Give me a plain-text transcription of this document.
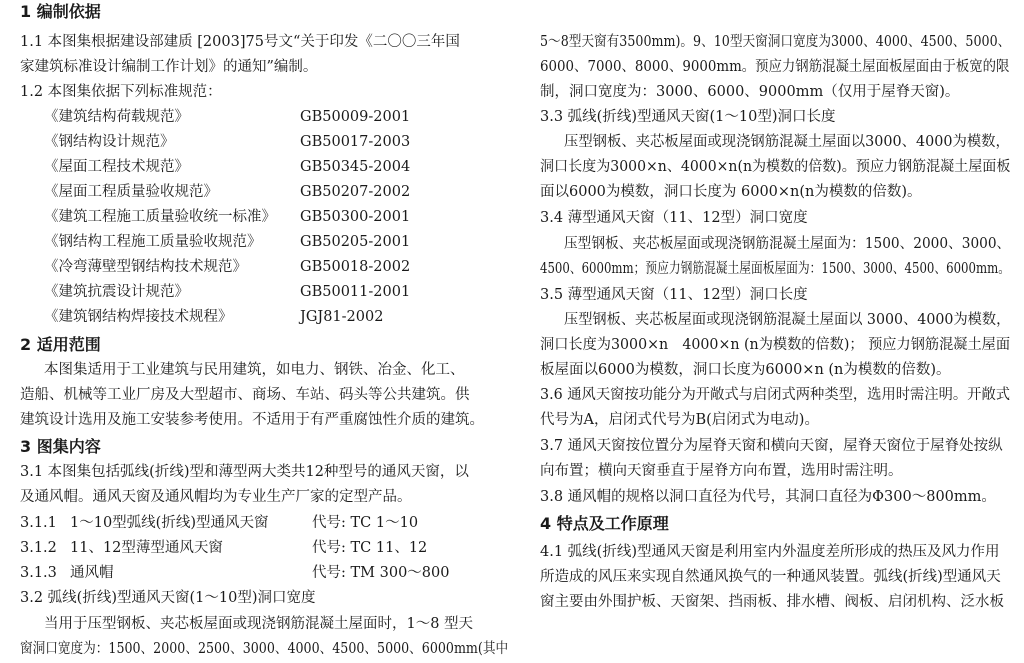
1 编制依据
1.1 本图集根据建设部建质 [2003]75号文“关于印发《二〇〇三年国
家建筑标准设计编制工作计划》的通知”编制。
1.2 本图集依据下列标准规范：
《建筑结构荷载规范》	GB50009-2001
《钢结构设计规范》	GB50017-2003
《屋面工程技术规范》	GB50345-2004
《屋面工程质量验收规范》	GB50207-2002
《建筑工程施工质量验收统一标准》 GB50300-2001
《钢结构工程施工质量验收规范》	GB50205-2001
《冷弯薄壁型钢结构技术规范》	GB50018-2002
《建筑抗震设计规范》	GB50011-2001
《建筑钢结构焊接技术规程》	JGJ81-2002
2 适用范围
本图集适用于工业建筑与民用建筑，如电力、钢铁、冶金、化工、
造船、机械等工业厂房及大型超市、商场、车站、码头等公共建筑。供
建筑设计选用及施工安装参考使用。不适用于有严重腐蚀性介质的建筑。
3 图集内容
3.1 本图集包括弧线(折线)型和薄型两大类共12种型号的通风天窗，以
及通风帽。通风天窗及通风帽均为专业生产厂家的定型产品。
3.1.1 1～10型弧线(折线)型通风天窗	代号: TC 1～10
3.1.2 11、12型薄型通风天窗	代号: TC 11、12
3.1.3 通风帽	代号: TM 300～800
3.2 弧线(折线)型通风天窗(1～10型)洞口宽度
当用于压型钢板、夹芯板屋面或现浇钢筋混凝土屋面时，1～8 型天
窗洞口宽度为：1500、2000、2500、3000、4000、4500、5000、6000mm(其中
5～8型天窗有3500mm)。9、10型天窗洞口宽度为3000、4000、4500、5000、
6000、7000、8000、9000mm。预应力钢筋混凝土屋面板屋面由于板宽的限
制，洞口宽度为：3000、6000、9000mm（仅用于屋脊天窗)。
3.3 弧线(折线)型通风天窗(1～10型)洞口长度
压型钢板、夹芯板屋面或现浇钢筋混凝土屋面以3000、4000为模数，
洞口长度为3000×n、4000×n(n为模数的倍数)。预应力钢筋混凝土屋面板
面以6000为模数，洞口长度为 6000×n(n为模数的倍数)。
3.4 薄型通风天窗（11、12型）洞口宽度
压型钢板、夹芯板屋面或现浇钢筋混凝土屋面为：1500、2000、3000、
4500、6000mm；预应力钢筋混凝土屋面板屋面为：1500、3000、4500、6000mm。
3.5 薄型通风天窗（11、12型）洞口长度
压型钢板、夹芯板屋面或现浇钢筋混凝土屋面以 3000、4000为模数，
洞口长度为3000×n　4000×n (n为模数的倍数)； 预应力钢筋混凝土屋面
板屋面以6000为模数，洞口长度为6000×n (n为模数的倍数)。
3.6 通风天窗按功能分为开敞式与启闭式两种类型，选用时需注明。开敞式
代号为A，启闭式代号为B(启闭式为电动)。
3.7 通风天窗按位置分为屋脊天窗和横向天窗，屋脊天窗位于屋脊处按纵
向布置；横向天窗垂直于屋脊方向布置，选用时需注明。
3.8 通风帽的规格以洞口直径为代号，其洞口直径为Φ300～800mm。
4 特点及工作原理
4.1 弧线(折线)型通风天窗是利用室内外温度差所形成的热压及风力作用
所造成的风压来实现自然通风换气的一种通风装置。弧线(折线)型通风天
窗主要由外围护板、天窗架、挡雨板、排水槽、阀板、启闭机构、泛水板
